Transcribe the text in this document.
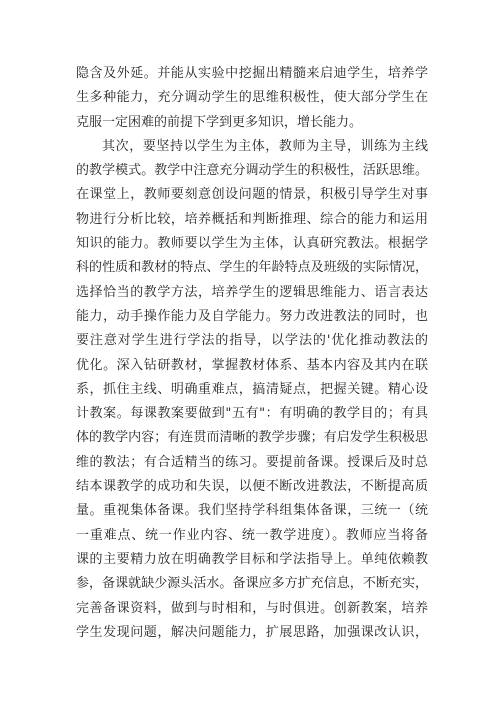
隐含及外延。并能从实验中挖掘出精髓来启迪学生，培养学
生多种能力，充分调动学生的思维积极性，使大部分学生在
克服一定困难的前提下学到更多知识，增长能力。
其次，要坚持以学生为主体，教师为主导，训练为主线
的教学模式。教学中注意充分调动学生的积极性，活跃思维。
在课堂上，教师要刻意创设问题的情景，积极引导学生对事
物进行分析比较，培养概括和判断推理、综合的能力和运用
知识的能力。教师要以学生为主体，认真研究教法。根据学
科的性质和教材的特点、学生的年龄特点及班级的实际情况，
选择恰当的教学方法，培养学生的逻辑思维能力、语言表达
能力，动手操作能力及自学能力。努力改进教法的同时，也
要注意对学生进行学法的指导，以学法的'优化推动教法的
优化。深入钻研教材，掌握教材体系、基本内容及其内在联
系，抓住主线、明确重难点，搞清疑点，把握关键。精心设
计教案。每课教案要做到"五有"：有明确的教学目的；有具
体的教学内容；有连贯而清晰的教学步骤；有启发学生积极思
维的教法；有合适精当的练习。要提前备课。授课后及时总
结本课教学的成功和失误，以便不断改进教法，不断提高质
量。重视集体备课。我们坚持学科组集体备课，三统一（统
一重难点、统一作业内容、统一教学进度）。教师应当将备
课的主要精力放在明确教学目标和学法指导上。单纯依赖教
参，备课就缺少源头活水。备课应多方扩充信息，不断充实，
完善备课资料，做到与时相和，与时俱进。创新教案，培养
学生发现问题，解决问题能力，扩展思路，加强课改认识，
